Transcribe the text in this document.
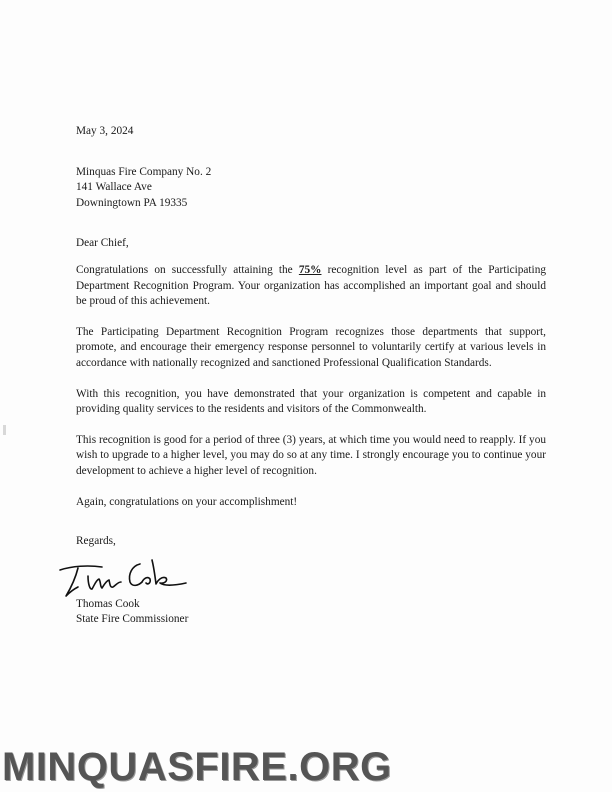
May 3, 2024

Minquas Fire Company No. 2
141 Wallace Ave
Downingtown PA 19335

Dear Chief,

Congratulations on successfully attaining the 75% recognition level as part of the Participating Department Recognition Program. Your organization has accomplished an important goal and should be proud of this achievement.

The Participating Department Recognition Program recognizes those departments that support, promote, and encourage their emergency response personnel to voluntarily certify at various levels in accordance with nationally recognized and sanctioned Professional Qualification Standards.

With this recognition, you have demonstrated that your organization is competent and capable in providing quality services to the residents and visitors of the Commonwealth.

This recognition is good for a period of three (3) years, at which time you would need to reapply. If you wish to upgrade to a higher level, you may do so at any time. I strongly encourage you to continue your development to achieve a higher level of recognition.

Again, congratulations on your accomplishment!

Regards,

Thomas Cook
State Fire Commissioner
MINQUASFIRE.ORG
